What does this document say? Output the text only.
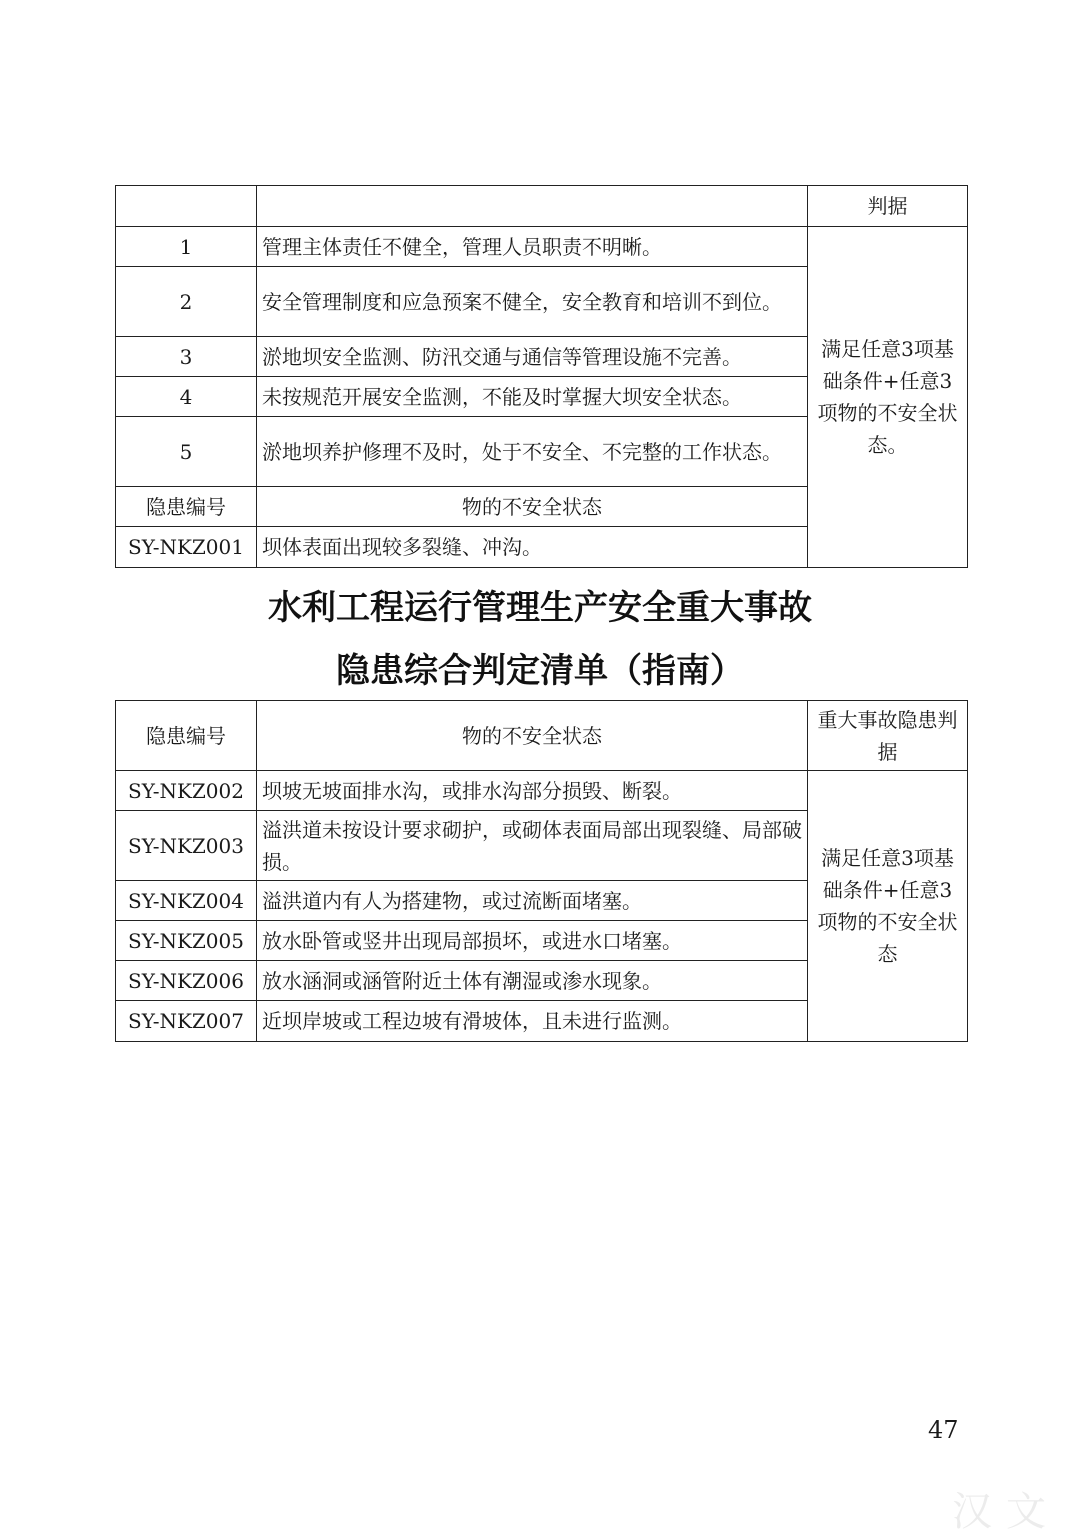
		判据
1	管理主体责任不健全，管理人员职责不明晰。	满足任意3项基础条件+任意3项物的不安全状态。
2	安全管理制度和应急预案不健全，安全教育和培训不到位。	
3	淤地坝安全监测、防汛交通与通信等管理设施不完善。	
4	未按规范开展安全监测，不能及时掌握大坝安全状态。	
5	淤地坝养护修理不及时，处于不安全、不完整的工作状态。	
隐患编号	物的不安全状态	
SY-NKZ001	坝体表面出现较多裂缝、冲沟。	
水利工程运行管理生产安全重大事故
隐患综合判定清单（指南）
隐患编号	物的不安全状态	重大事故隐患判据
SY-NKZ002	坝坡无坡面排水沟，或排水沟部分损毁、断裂。	满足任意3项基础条件+任意3项物的不安全状态
SY-NKZ003	溢洪道未按设计要求砌护，或砌体表面局部出现裂缝、局部破损。	
SY-NKZ004	溢洪道内有人为搭建物，或过流断面堵塞。	
SY-NKZ005	放水卧管或竖井出现局部损坏，或进水口堵塞。	
SY-NKZ006	放水涵洞或涵管附近土体有潮湿或渗水现象。	
SY-NKZ007	近坝岸坡或工程边坡有滑坡体，且未进行监测。	
47
汉文
